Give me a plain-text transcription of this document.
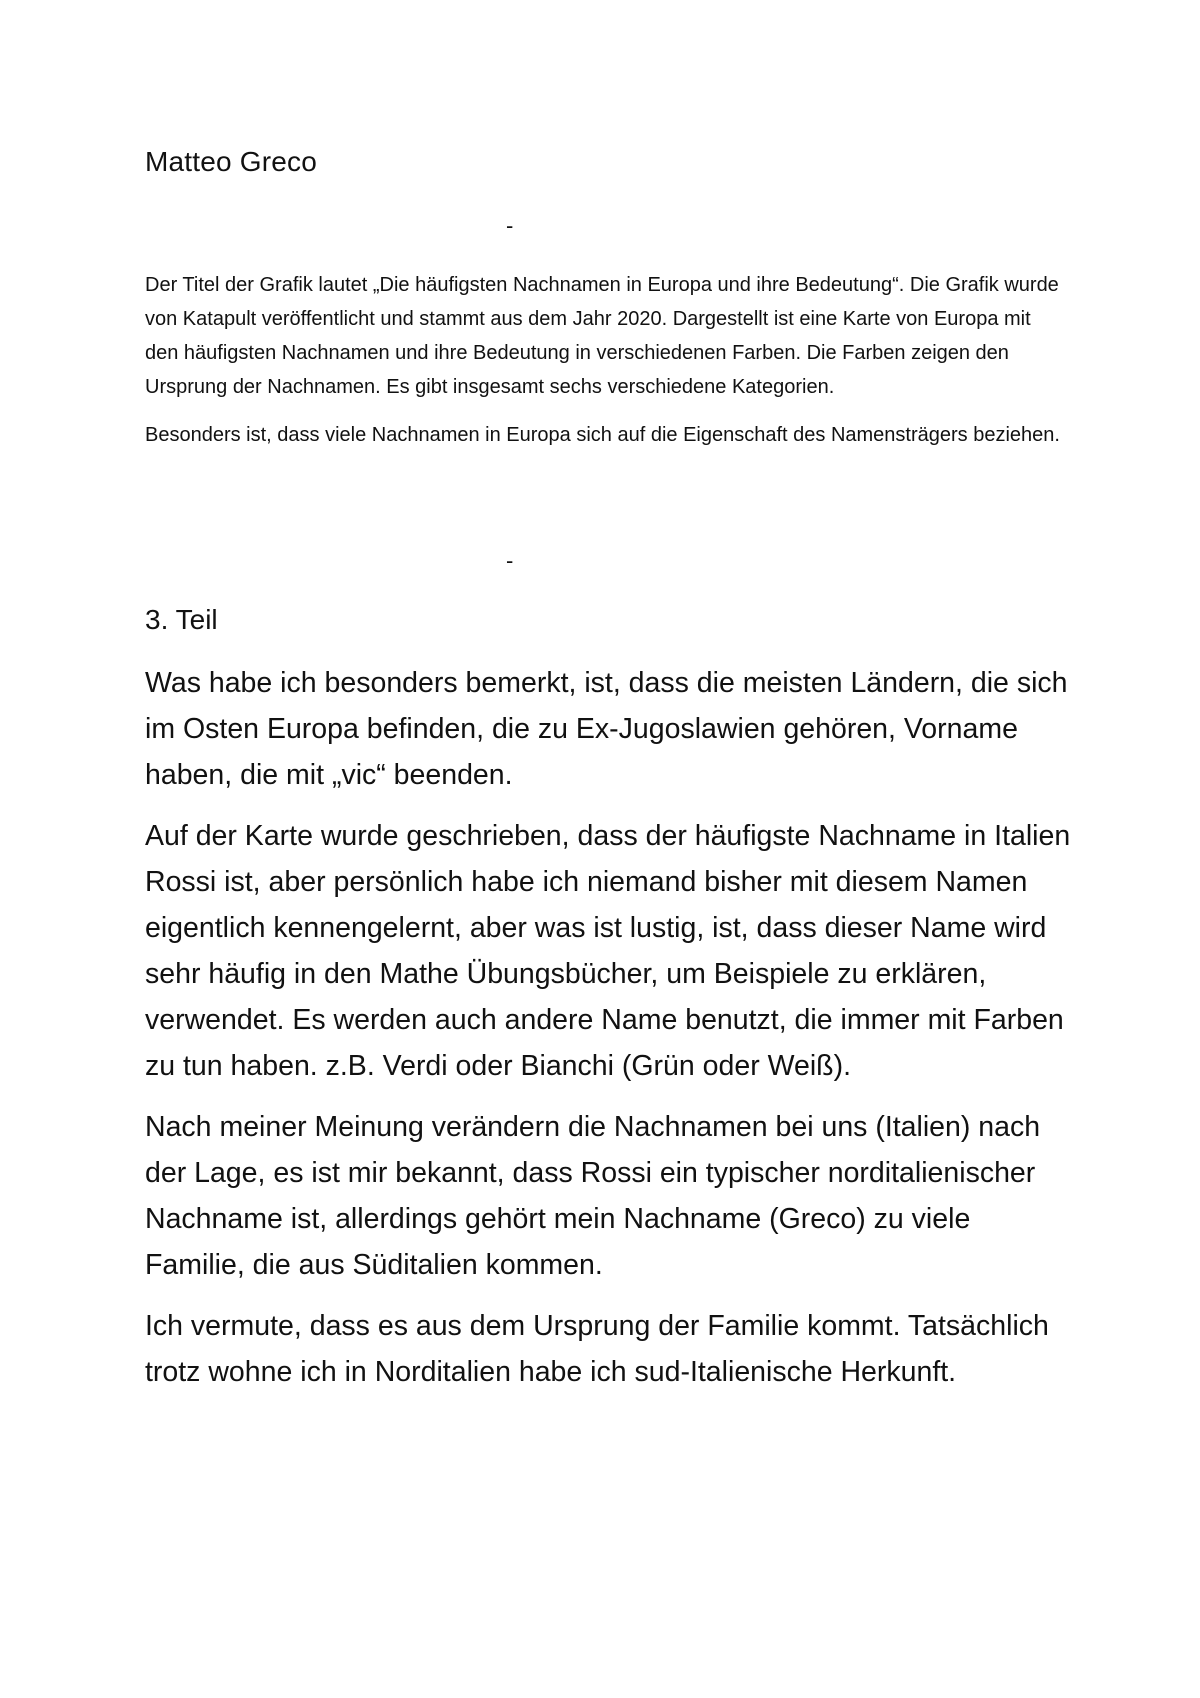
Matteo Greco
-

Der Titel der Grafik lautet „Die häufigsten Nachnamen in Europa und ihre Bedeutung“. Die Grafik wurde von Katapult veröffentlicht und stammt aus dem Jahr 2020. Dargestellt ist eine Karte von Europa mit den häufigsten Nachnamen und ihre Bedeutung in verschiedenen Farben. Die Farben zeigen den Ursprung der Nachnamen. Es gibt insgesamt sechs verschiedene Kategorien.

Besonders ist, dass viele Nachnamen in Europa sich auf die Eigenschaft des Namensträgers beziehen.

-
3. Teil

Was habe ich besonders bemerkt, ist, dass die meisten Ländern, die sich im Osten Europa befinden, die zu Ex-Jugoslawien gehören, Vorname haben, die mit „vic“ beenden.

Auf der Karte wurde geschrieben, dass der häufigste Nachname in Italien Rossi ist, aber persönlich habe ich niemand bisher mit diesem Namen eigentlich kennengelernt, aber was ist lustig, ist, dass dieser Name wird sehr häufig in den Mathe Übungsbücher, um Beispiele zu erklären, verwendet. Es werden auch andere Name benutzt, die immer mit Farben zu tun haben. z.B. Verdi oder Bianchi (Grün oder Weiß).

Nach meiner Meinung verändern die Nachnamen bei uns (Italien) nach der Lage, es ist mir bekannt, dass Rossi ein typischer norditalienischer Nachname ist, allerdings gehört mein Nachname (Greco) zu viele Familie, die aus Süditalien kommen.

Ich vermute, dass es aus dem Ursprung der Familie kommt. Tatsächlich trotz wohne ich in Norditalien habe ich sud-Italienische Herkunft.
